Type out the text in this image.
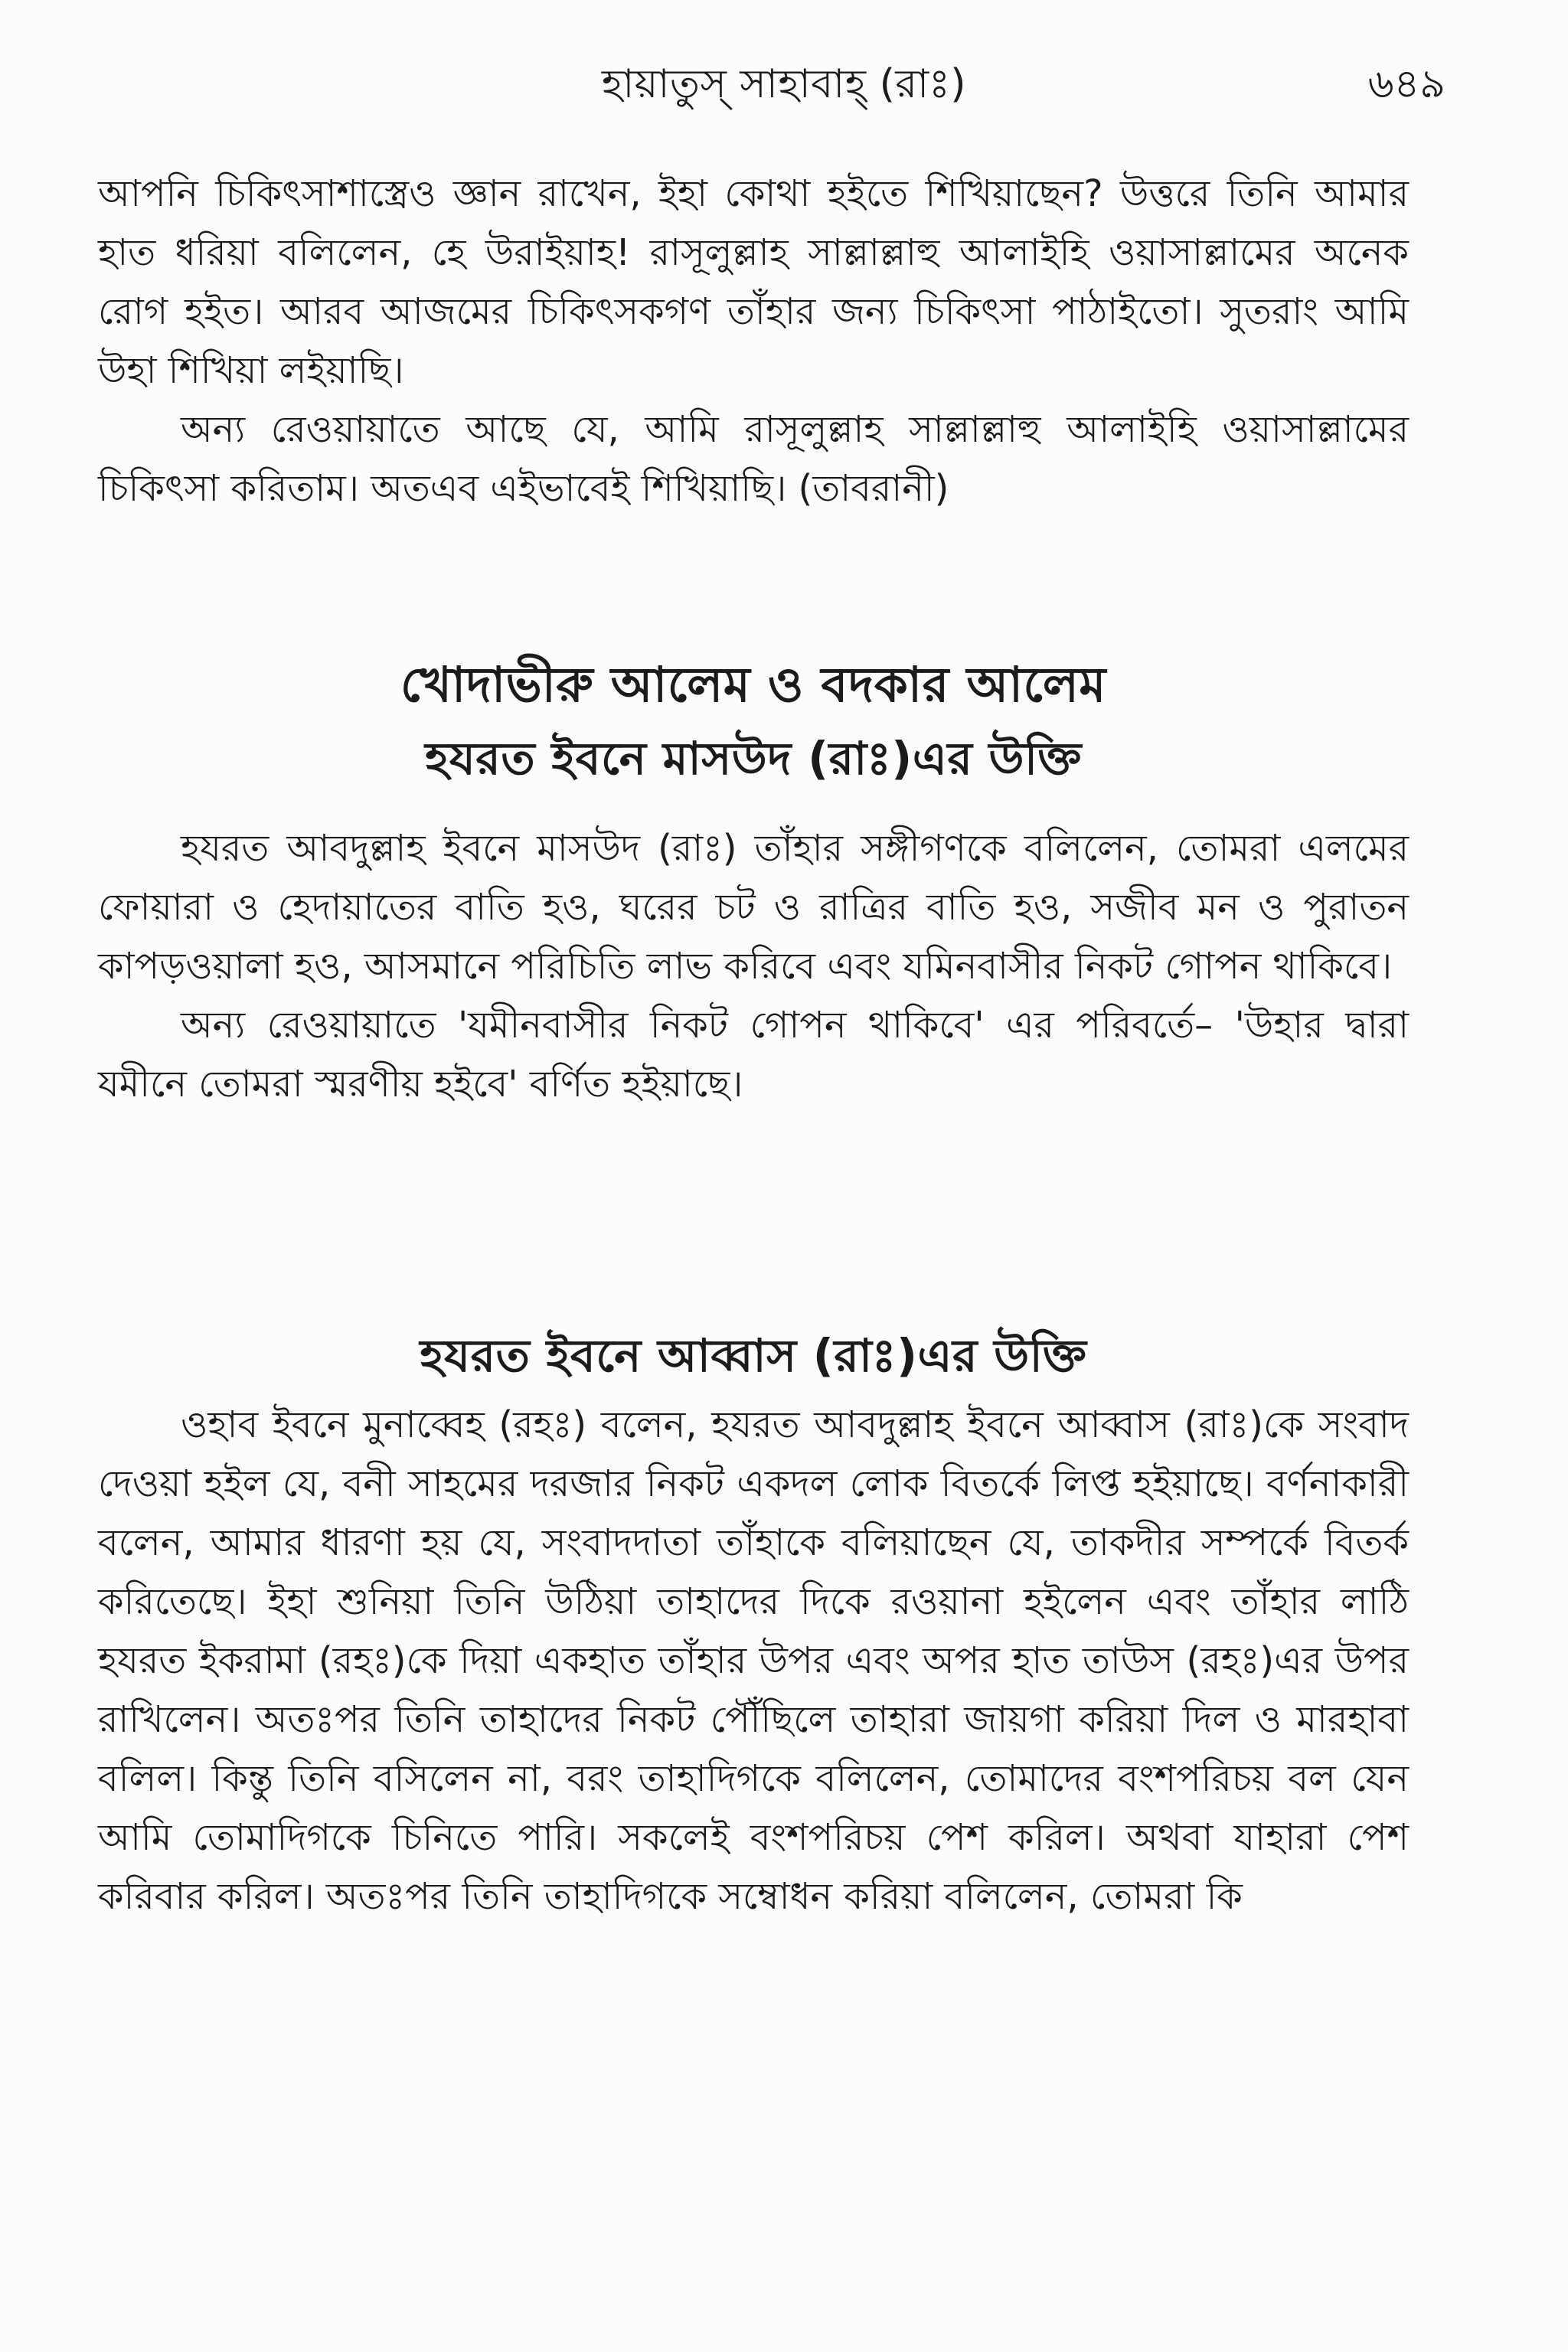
হায়াতুস্ সাহাবাহ্ (রাঃ)	৬৪৯

আপনি চিকিৎসাশাস্ত্রেও জ্ঞান রাখেন, ইহা কোথা হইতে শিখিয়াছেন? উত্তরে তিনি আমার হাত ধরিয়া বলিলেন, হে উরাইয়াহ! রাসূলুল্লাহ সাল্লাল্লাহু আলাইহি ওয়াসাল্লামের অনেক রোগ হইত। আরব আজমের চিকিৎসকগণ তাঁহার জন্য চিকিৎসা পাঠাইতো। সুতরাং আমি উহা শিখিয়া লইয়াছি।

অন্য রেওয়ায়াতে আছে যে, আমি রাসূলুল্লাহ সাল্লাল্লাহু আলাইহি ওয়াসাল্লামের চিকিৎসা করিতাম। অতএব এইভাবেই শিখিয়াছি। (তাবরানী)

খোদাভীরু আলেম ও বদকার আলেম
হযরত ইবনে মাসউদ (রাঃ)এর উক্তি

হযরত আবদুল্লাহ ইবনে মাসউদ (রাঃ) তাঁহার সঙ্গীগণকে বলিলেন, তোমরা এলমের ফোয়ারা ও হেদায়াতের বাতি হও, ঘরের চট ও রাত্রির বাতি হও, সজীব মন ও পুরাতন কাপড়ওয়ালা হও, আসমানে পরিচিতি লাভ করিবে এবং যমিনবাসীর নিকট গোপন থাকিবে।

অন্য রেওয়ায়াতে 'যমীনবাসীর নিকট গোপন থাকিবে' এর পরিবর্তে– 'উহার দ্বারা যমীনে তোমরা স্মরণীয় হইবে' বর্ণিত হইয়াছে।

হযরত ইবনে আব্বাস (রাঃ)এর উক্তি

ওহাব ইবনে মুনাব্বেহ (রহঃ) বলেন, হযরত আবদুল্লাহ ইবনে আব্বাস (রাঃ)কে সংবাদ দেওয়া হইল যে, বনী সাহমের দরজার নিকট একদল লোক বিতর্কে লিপ্ত হইয়াছে। বর্ণনাকারী বলেন, আমার ধারণা হয় যে, সংবাদদাতা তাঁহাকে বলিয়াছেন যে, তাকদীর সম্পর্কে বিতর্ক করিতেছে। ইহা শুনিয়া তিনি উঠিয়া তাহাদের দিকে রওয়ানা হইলেন এবং তাঁহার লাঠি হযরত ইকরামা (রহঃ)কে দিয়া একহাত তাঁহার উপর এবং অপর হাত তাউস (রহঃ)এর উপর রাখিলেন। অতঃপর তিনি তাহাদের নিকট পৌঁছিলে তাহারা জায়গা করিয়া দিল ও মারহাবা বলিল। কিন্তু তিনি বসিলেন না, বরং তাহাদিগকে বলিলেন, তোমাদের বংশপরিচয় বল যেন আমি তোমাদিগকে চিনিতে পারি। সকলেই বংশপরিচয় পেশ করিল। অথবা যাহারা পেশ করিবার করিল। অতঃপর তিনি তাহাদিগকে সম্বোধন করিয়া বলিলেন, তোমরা কি
